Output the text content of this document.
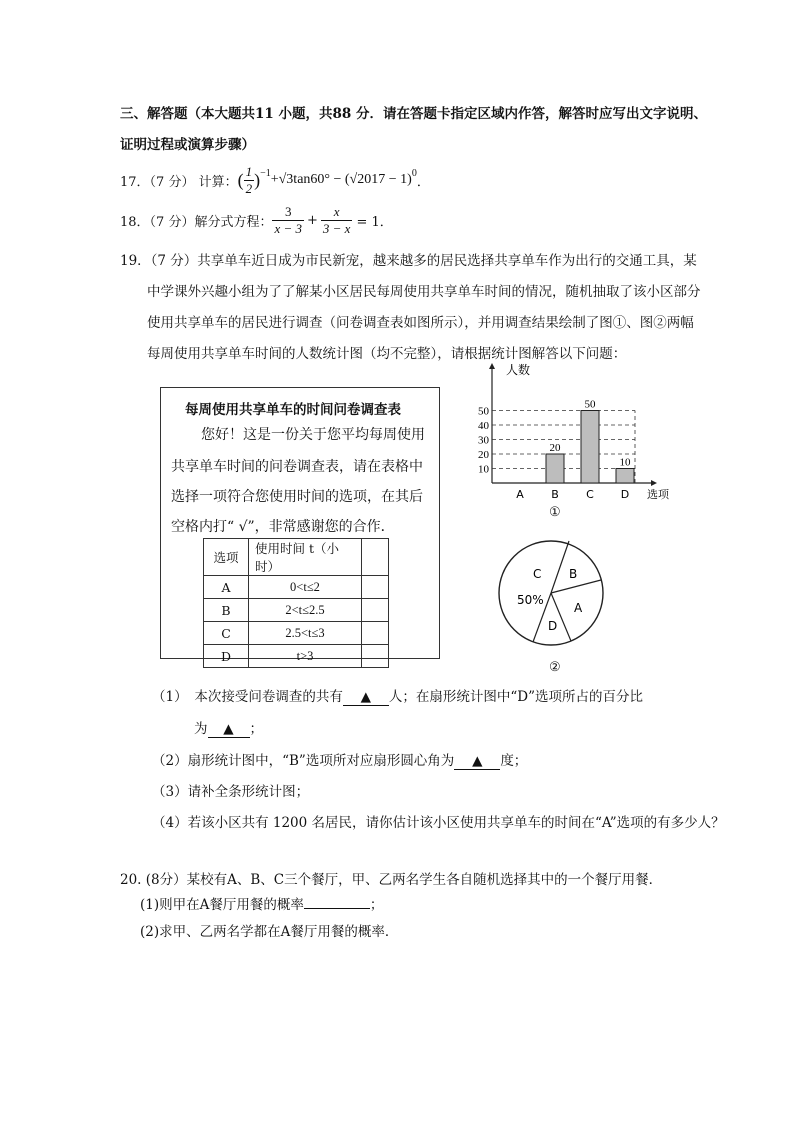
三、解答题（本大题共11 小题，共88 分．请在答题卡指定区域内作答，解答时应写出文字说明、
证明过程或演算步骤）
17．（7 分） 计算： ( $\frac{1}{2} )^{-1} +√3\tan 60^\circ - (√2017 - 1)^0$
．
18．（7 分）解分式方程： $\frac{3}{x - 3} + \frac{x}{3 - x} = 1$．
19．（7 分）共享单车近日成为市民新宠，越来越多的居民选择共享单车作为出行的交通工具，某
中学课外兴趣小组为了了解某小区居民每周使用共享单车时间的情况，随机抽取了该小区部分
使用共享单车的居民进行调查（问卷调查表如图所示），并用调查结果绘制了图①、图②两幅
每周使用共享单车时间的人数统计图（均不完整），请根据统计图解答以下问题：
每周使用共享单车的时间问卷调查表
您好！这是一份关于您平均每周使用
共享单车时间的问卷调查表，请在表格中
选择一项符合您使用时间的选项，在其后
空格内打“ √”，非常感谢您的合作．
选项	使用时间 t（小时）	
A	0<t≤2	
B	2<t≤2.5	
C	2.5<t≤3	
D	t>3	
10
20
30
40
50
A
20
B
50
C
10
D
人数
选项
①
C B
A
D
50%
②
（1）　本次接受问卷调查的共有 ▲ 人；在扇形统计图中“D”选项所占的百分比
为 ▲ ；
（2）扇形统计图中，“B”选项所对应扇形圆心角为 ▲ 度；
（3）请补全条形统计图；
（4）若该小区共有 1200 名居民，请你估计该小区使用共享单车的时间在“A”选项的有多少人？
20. (8分）某校有A、B、C三个餐厅，甲、乙两名学生各自随机选择其中的一个餐厅用餐．
(1)则甲在A餐厅用餐的概率	；
(2)求甲、乙两名学都在A餐厅用餐的概率．
